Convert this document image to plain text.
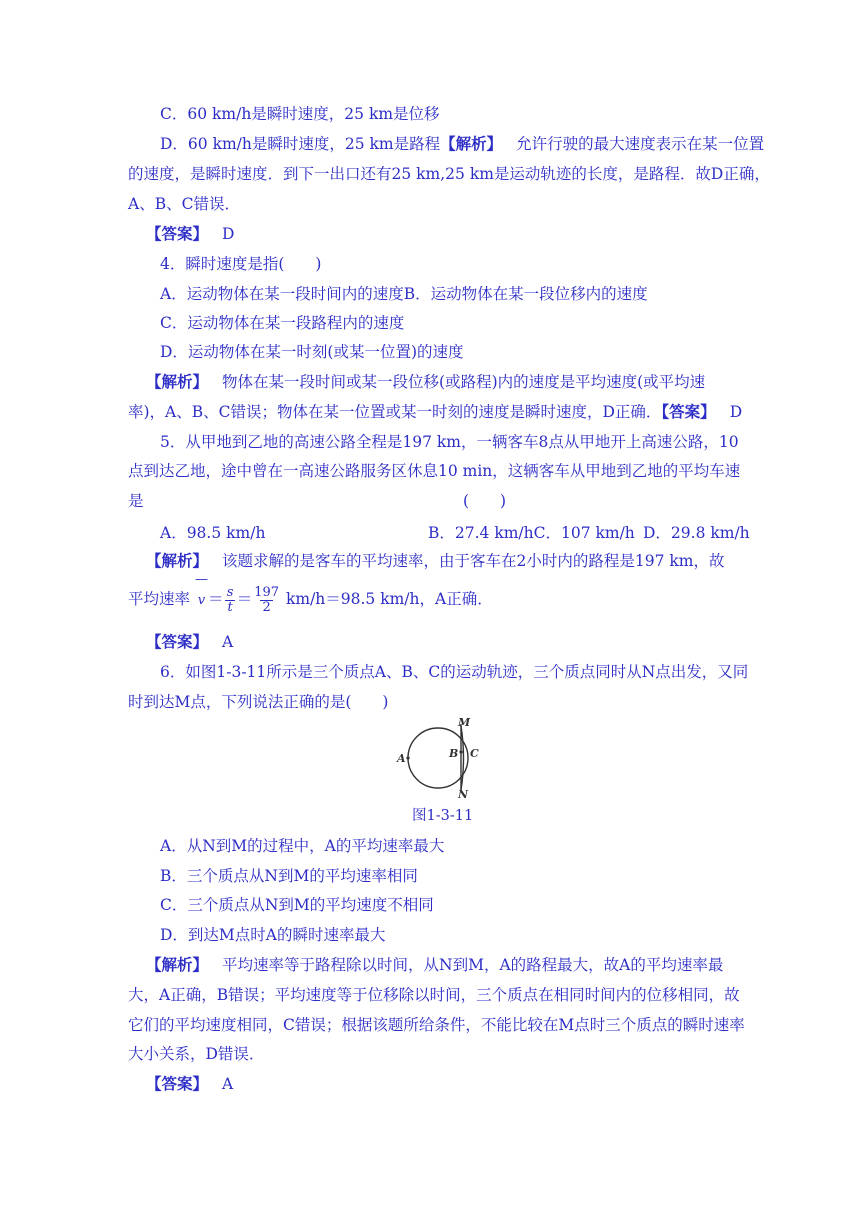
C．60 km/h是瞬时速度，25 km是位移
D．60 km/h是瞬时速度，25 km是路程【解析】 允许行驶的最大速度表示在某一位置
的速度，是瞬时速度．到下一出口还有25 km,25 km是运动轨迹的长度，是路程．故D正确，
A、B、C错误．
【答案】 D
4．瞬时速度是指(　　)
A．运动物体在某一段时间内的速度B．运动物体在某一段位移内的速度
C．运动物体在某一段路程内的速度
D．运动物体在某一时刻(或某一位置)的速度
【解析】 物体在某一段时间或某一段位移(或路程)内的速度是平均速度(或平均速
率)，A、B、C错误；物体在某一位置或某一时刻的速度是瞬时速度，D正确．【答案】 D
5．从甲地到乙地的高速公路全程是197 km，一辆客车8点从甲地开上高速公路，10
点到达乙地，途中曾在一高速公路服务区休息10 min，这辆客车从甲地到乙地的平均车速
是	(　　)
A．98.5 km/h	B．27.4 km/hC．107 km/h D．29.8 km/h
【解析】 该题求解的是客车的平均速率，由于客车在2小时内的路程是197 km，故
平均速率
—
$v = \frac{s}{t} = \frac{197}{2} km/h=98.5$ km/h，A正确．
【答案】 A
6．如图1-3-11所示是三个质点A、B、C的运动轨迹，三个质点同时从N点出发，又同
时到达M点，下列说法正确的是(　　)
M
N
A	B C
图1-3-11
A．从N到M的过程中，A的平均速率最大
B．三个质点从N到M的平均速率相同
C．三个质点从N到M的平均速度不相同
D．到达M点时A的瞬时速率最大
【解析】 平均速率等于路程除以时间，从N到M，A的路程最大，故A的平均速率最
大，A正确，B错误；平均速度等于位移除以时间，三个质点在相同时间内的位移相同，故
它们的平均速度相同，C错误；根据该题所给条件，不能比较在M点时三个质点的瞬时速率
大小关系，D错误．
【答案】 A
